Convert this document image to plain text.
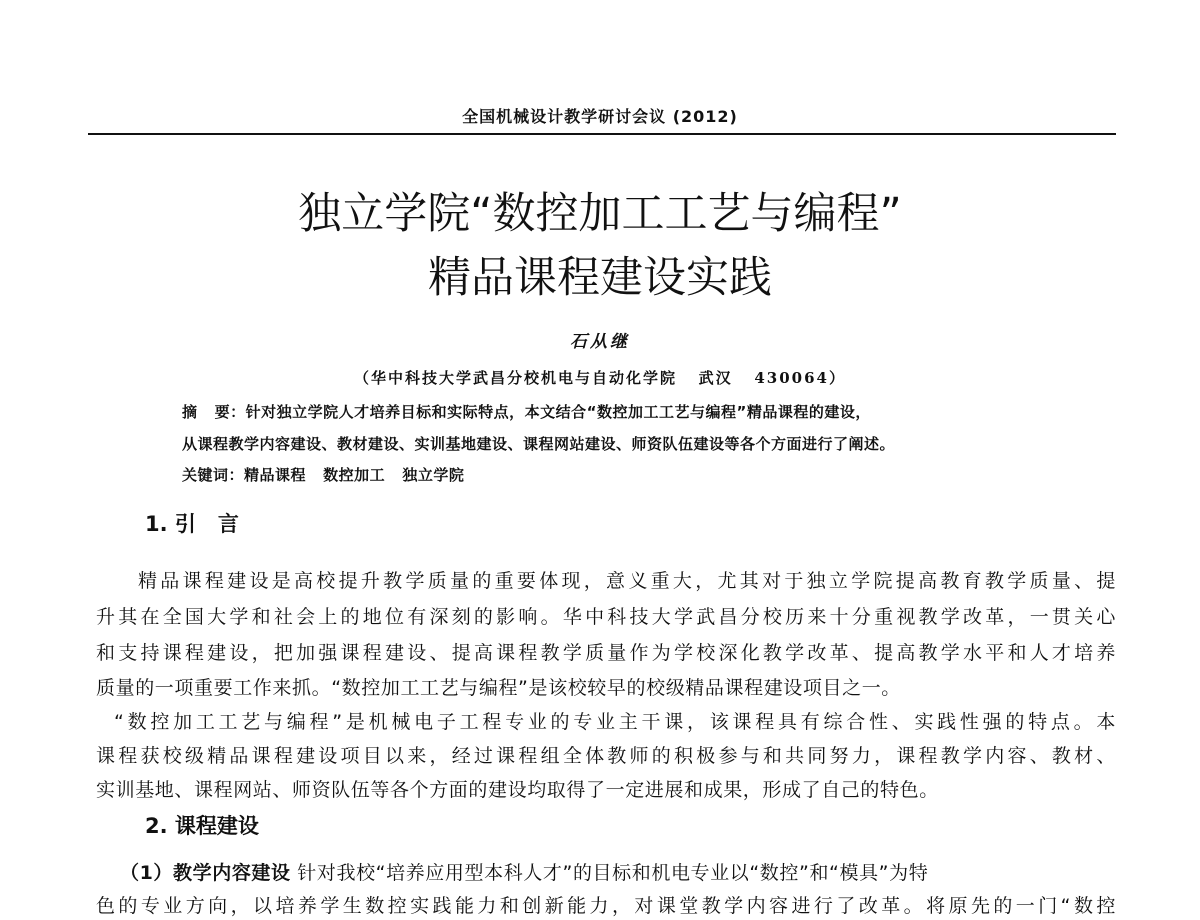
全国机械设计教学研讨会议 (2012)
独立学院“数控加工工艺与编程”
精品课程建设实践
石从继
（华中科技大学武昌分校机电与自动化学院   武汉   430064）
摘   要：针对独立学院人才培养目标和实际特点，本文结合“数控加工工艺与编程”精品课程的建设，
从课程教学内容建设、教材建设、实训基地建设、课程网站建设、师资队伍建设等各个方面进行了阐述。
关键词：精品课程   数控加工   独立学院
1. 引   言
精品课程建设是高校提升教学质量的重要体现，意义重大，尤其对于独立学院提高教育教学质量、提
升其在全国大学和社会上的地位有深刻的影响。华中科技大学武昌分校历来十分重视教学改革，一贯关心
和支持课程建设，把加强课程建设、提高课程教学质量作为学校深化教学改革、提高教学水平和人才培养
质量的一项重要工作来抓。“数控加工工艺与编程”是该校较早的校级精品课程建设项目之一。
“数控加工工艺与编程”是机械电子工程专业的专业主干课，该课程具有综合性、实践性强的特点。本
课程获校级精品课程建设项目以来，经过课程组全体教师的积极参与和共同努力，课程教学内容、教材、
实训基地、课程网站、师资队伍等各个方面的建设均取得了一定进展和成果，形成了自己的特色。
2. 课程建设
（1）教学内容建设 针对我校“培养应用型本科人才”的目标和机电专业以“数控”和“模具”为特
色的专业方向，以培养学生数控实践能力和创新能力，对课堂教学内容进行了改革。将原先的一门“数控
